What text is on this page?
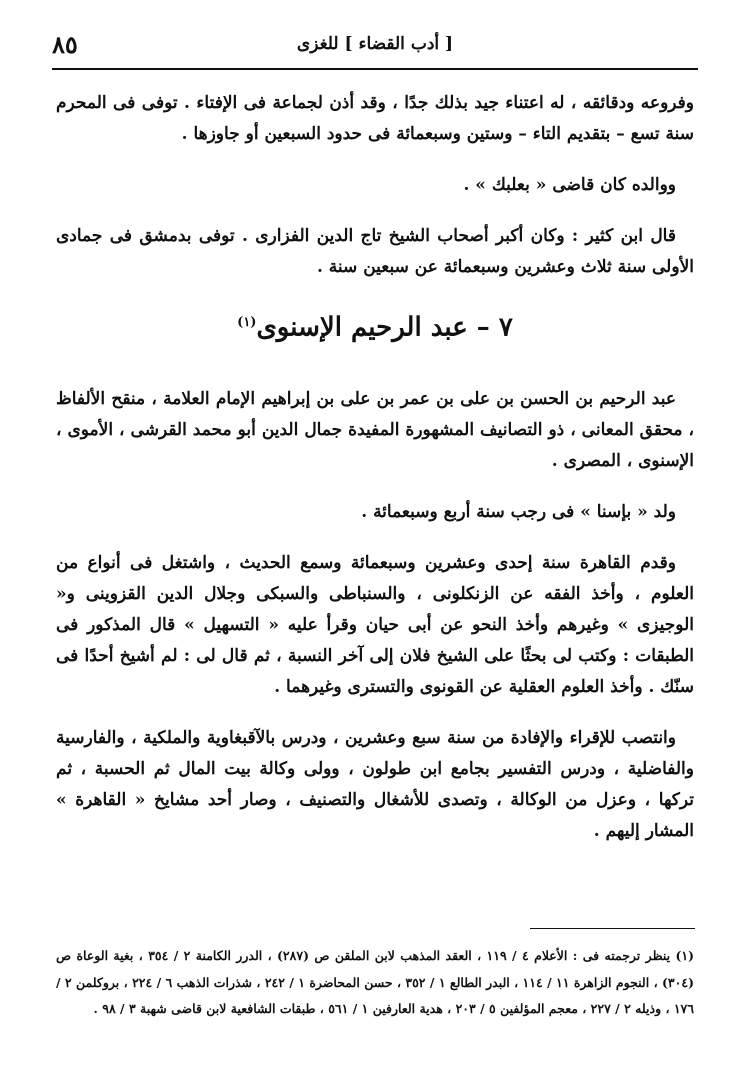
[ أدب القضاء ] للغزى
٨٥

وفروعه ودقائقه ، له اعتناء جيد بذلك جدًا ، وقد أذن لجماعة فى الإفتاء . توفى فى المحرم سنة تسع – بتقديم التاء – وستين وسبعمائة فى حدود السبعين أو جاوزها .

ووالده كان قاضى « بعلبك » .

قال ابن كثير : وكان أكبر أصحاب الشيخ تاج الدين الفزارى . توفى بدمشق فى جمادى الأولى سنة ثلاث وعشرين وسبعمائة عن سبعين سنة .

٧ – عبد الرحيم الإسنوى$^{(١)}$

عبد الرحيم بن الحسن بن على بن عمر بن على بن إبراهيم الإمام العلامة ، منقح الألفاظ ، محقق المعانى ، ذو التصانيف المشهورة المفيدة جمال الدين أبو محمد القرشى ، الأموى ، الإسنوى ، المصرى .

ولد « بإسنا » فى رجب سنة أربع وسبعمائة .

وقدم القاهرة سنة إحدى وعشرين وسبعمائة وسمع الحديث ، واشتغل فى أنواع من العلوم ، وأخذ الفقه عن الزنكلونى ، والسنباطى والسبكى وجلال الدين القزوينى و« الوجيزى » وغيرهم وأخذ النحو عن أبى حيان وقرأ عليه « التسهيل » قال المذكور فى الطبقات : وكتب لى بحثًا على الشيخ فلان إلى آخر النسبة ، ثم قال لى : لم أشيخ أحدًا فى سنّك . وأخذ العلوم العقلية عن القونوى والتسترى وغيرهما .

وانتصب للإقراء والإفادة من سنة سبع وعشرين ، ودرس بالآقبغاوية والملكية ، والفارسية والفاضلية ، ودرس التفسير بجامع ابن طولون ، وولى وكالة بيت المال ثم الحسبة ، ثم تركها ، وعزل من الوكالة ، وتصدى للأشغال والتصنيف ، وصار أحد مشايخ « القاهرة » المشار إليهم .

(١) ينظر ترجمته فى : الأعلام ٤ / ١١٩ ، العقد المذهب لابن الملقن ص (٢٨٧) ، الدرر الكامنة ٢ / ٣٥٤ ، بغية الوعاة ص (٣٠٤) ، النجوم الزاهرة ١١ / ١١٤ ، البدر الطالع ١ / ٣٥٢ ، حسن المحاضرة ١ / ٢٤٢ ، شذرات الذهب ٦ / ٢٢٤ ، بروكلمن ٢ / ١٧٦ ، وذيله ٢ / ٢٢٧ ، معجم المؤلفين ٥ / ٢٠٣ ، هدية العارفين ١ / ٥٦١ ، طبقات الشافعية لابن قاضى شهبة ٣ / ٩٨ .
